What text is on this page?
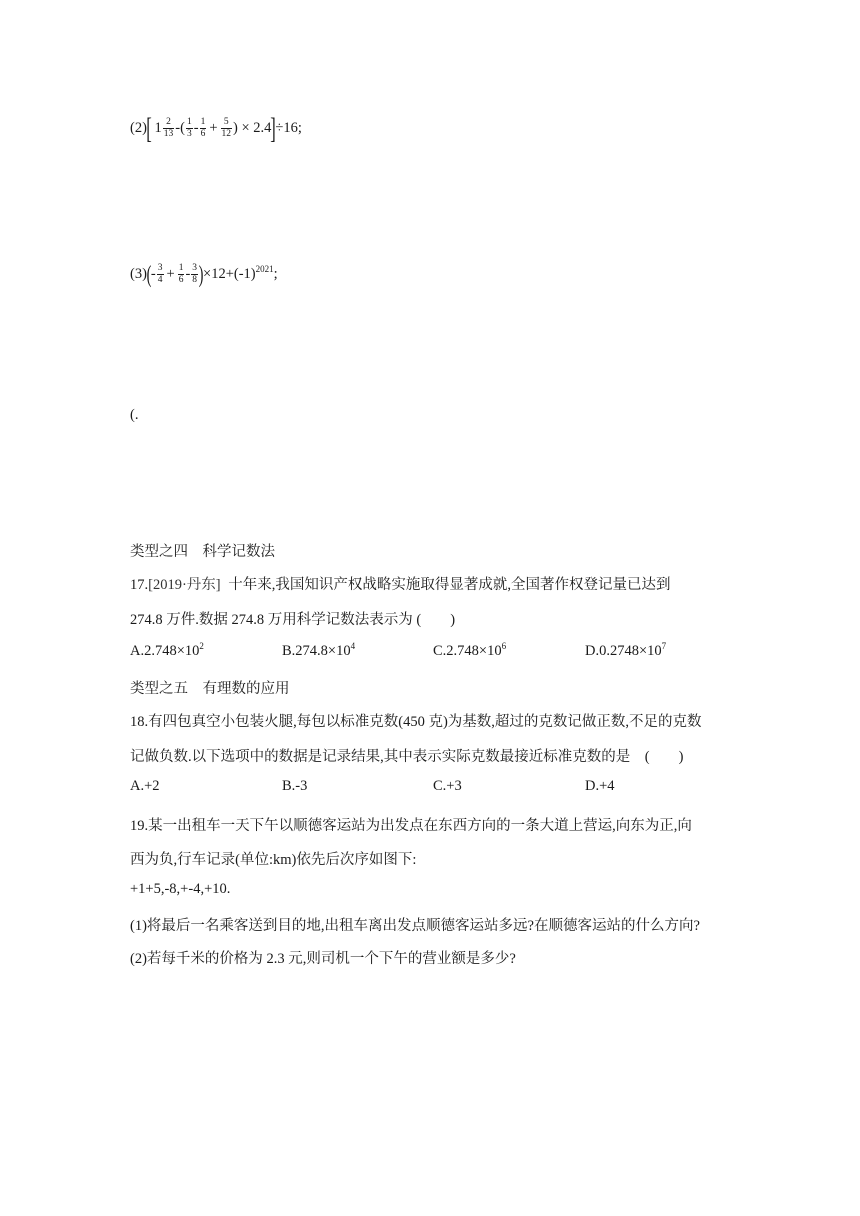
(2)[ $1 \frac{2}{13}$ -( $\frac{1}{3} - \frac{1}{6} + \frac{5}{12}$ ) × 2.4]÷16;
$(3)(- \frac{3}{4} + \frac{1}{6} - \frac{3}{8} )\times 12+(-1)^{2021}$;
(.
类型之四　科学记数法
17.[2019·丹东] 十年来,我国知识产权战略实施取得显著成就,全国著作权登记量已达到
274.8 万件.数据 274.8 万用科学记数法表示为 (　　)
$A.2.748\times 10^2$	$B.274.8\times 10^4$	$C.2.748\times 10^6$	$D.0.2748\times 10^7$
类型之五　有理数的应用
18.有四包真空小包装火腿,每包以标准克数(450 克)为基数,超过的克数记做正数,不足的克数
记做负数.以下选项中的数据是记录结果,其中表示实际克数最接近标准克数的是　(　　)
A.+2	B.-3	C.+3	D.+4
19.某一出租车一天下午以顺德客运站为出发点在东西方向的一条大道上营运,向东为正,向
西为负,行车记录(单位:km)依先后次序如图下:
+1+5,-8,+-4,+10.
(1)将最后一名乘客送到目的地,出租车离出发点顺德客运站多远?在顺德客运站的什么方向?
(2)若每千米的价格为 2.3 元,则司机一个下午的营业额是多少?
